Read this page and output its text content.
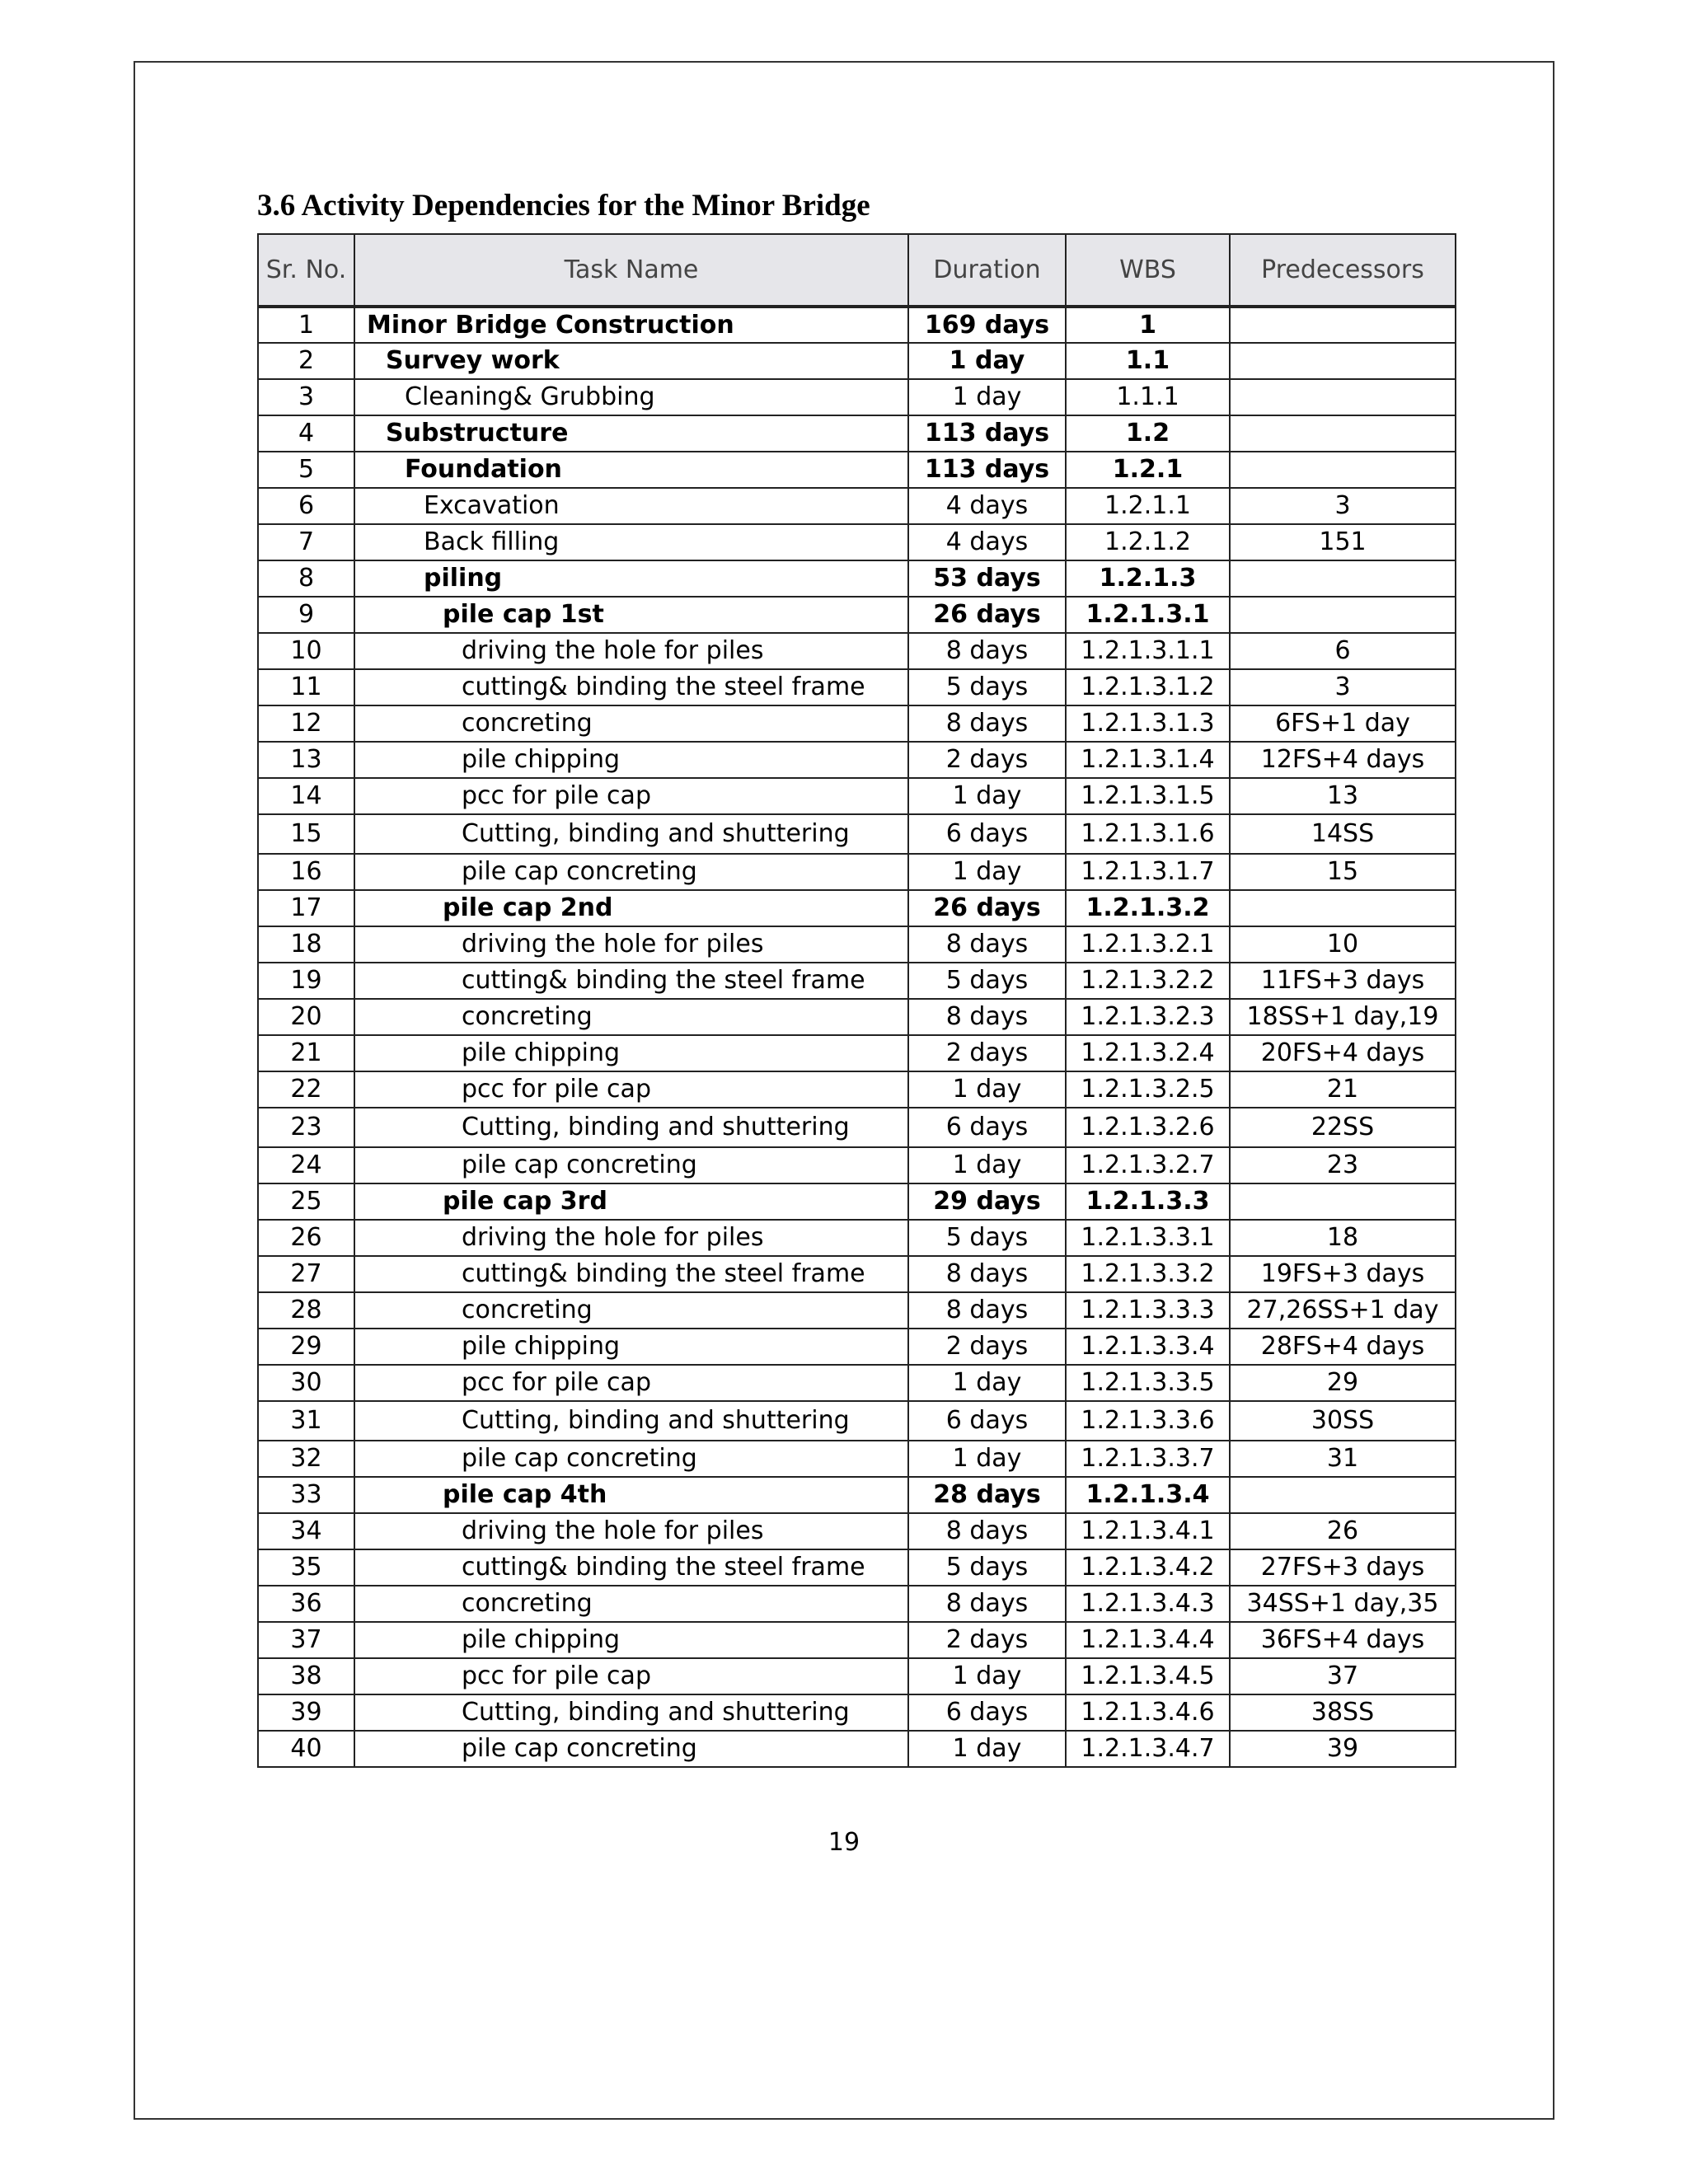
3.6 Activity Dependencies for the Minor Bridge
Sr. No.	Task Name	Duration	WBS	Predecessors
1	Minor Bridge Construction	169 days	1	
2	Survey work	1 day	1.1	
3	Cleaning& Grubbing	1 day	1.1.1	
4	Substructure	113 days	1.2	
5	Foundation	113 days	1.2.1	
6	Excavation	4 days	1.2.1.1	3
7	Back filling	4 days	1.2.1.2	151
8	piling	53 days	1.2.1.3	
9	pile cap 1st	26 days	1.2.1.3.1	
10	driving the hole for piles	8 days	1.2.1.3.1.1	6
11	cutting& binding the steel frame	5 days	1.2.1.3.1.2	3
12	concreting	8 days	1.2.1.3.1.3	6FS+1 day
13	pile chipping	2 days	1.2.1.3.1.4	12FS+4 days
14	pcc for pile cap	1 day	1.2.1.3.1.5	13
15	Cutting, binding and shuttering	6 days	1.2.1.3.1.6	14SS
16	pile cap concreting	1 day	1.2.1.3.1.7	15
17	pile cap 2nd	26 days	1.2.1.3.2	
18	driving the hole for piles	8 days	1.2.1.3.2.1	10
19	cutting& binding the steel frame	5 days	1.2.1.3.2.2	11FS+3 days
20	concreting	8 days	1.2.1.3.2.3	18SS+1 day,19
21	pile chipping	2 days	1.2.1.3.2.4	20FS+4 days
22	pcc for pile cap	1 day	1.2.1.3.2.5	21
23	Cutting, binding and shuttering	6 days	1.2.1.3.2.6	22SS
24	pile cap concreting	1 day	1.2.1.3.2.7	23
25	pile cap 3rd	29 days	1.2.1.3.3	
26	driving the hole for piles	5 days	1.2.1.3.3.1	18
27	cutting& binding the steel frame	8 days	1.2.1.3.3.2	19FS+3 days
28	concreting	8 days	1.2.1.3.3.3	27,26SS+1 day
29	pile chipping	2 days	1.2.1.3.3.4	28FS+4 days
30	pcc for pile cap	1 day	1.2.1.3.3.5	29
31	Cutting, binding and shuttering	6 days	1.2.1.3.3.6	30SS
32	pile cap concreting	1 day	1.2.1.3.3.7	31
33	pile cap 4th	28 days	1.2.1.3.4	
34	driving the hole for piles	8 days	1.2.1.3.4.1	26
35	cutting& binding the steel frame	5 days	1.2.1.3.4.2	27FS+3 days
36	concreting	8 days	1.2.1.3.4.3	34SS+1 day,35
37	pile chipping	2 days	1.2.1.3.4.4	36FS+4 days
38	pcc for pile cap	1 day	1.2.1.3.4.5	37
39	Cutting, binding and shuttering	6 days	1.2.1.3.4.6	38SS
40	pile cap concreting	1 day	1.2.1.3.4.7	39
19
